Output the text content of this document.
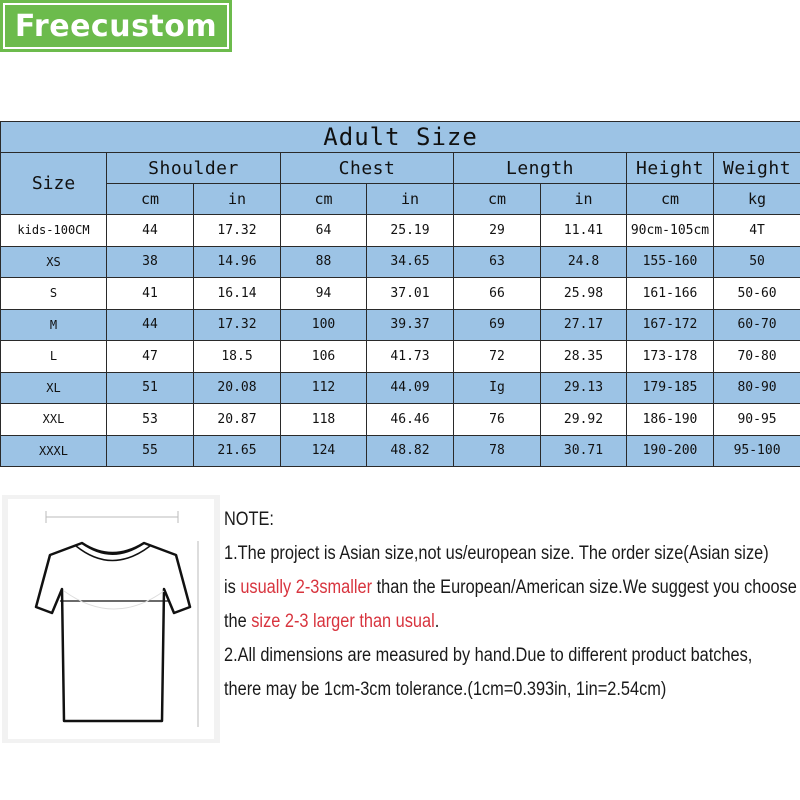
Freecustom
Adult Size								
Size	Shoulder		Chest		Length		Height	Weight
	cm	in	cm	in	cm	in	cm	kg
kids-100CM	44	17.32	64	25.19	29	11.41	90cm-105cm	4T
XS	38	14.96	88	34.65	63	24.8	155-160	50
S	41	16.14	94	37.01	66	25.98	161-166	50-60
M	44	17.32	100	39.37	69	27.17	167-172	60-70
L	47	18.5	106	41.73	72	28.35	173-178	70-80
XL	51	20.08	112	44.09	Ig	29.13	179-185	80-90
XXL	53	20.87	118	46.46	76	29.92	186-190	90-95
XXXL	55	21.65	124	48.82	78	30.71	190-200	95-100
NOTE:
1.The project is Asian size,not us/european size. The order size(Asian size)
is usually 2-3smaller than the European/American size.We suggest you choose
the size 2-3 larger than usual.
2.All dimensions are measured by hand.Due to different product batches,
there may be 1cm-3cm tolerance.(1cm=0.393in, 1in=2.54cm)
